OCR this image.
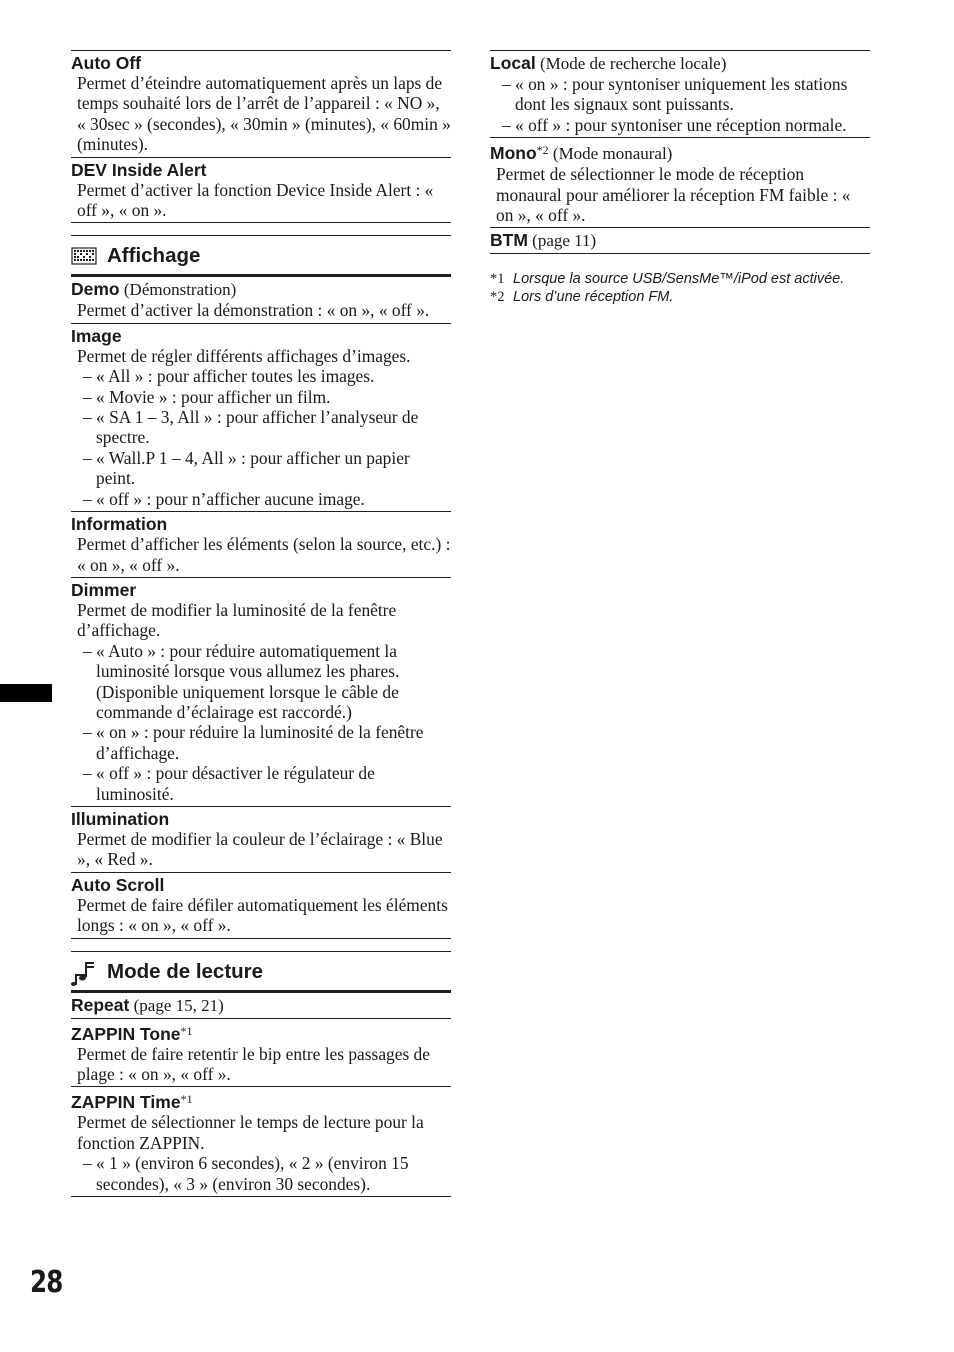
Auto Off
Permet d’éteindre automatiquement après un laps de temps souhaité lors de l’arrêt de l’appareil : « NO », « 30sec » (secondes), « 30min » (minutes), « 60min » (minutes).
DEV Inside Alert
Permet d’activer la fonction Device Inside Alert : « off », « on ».
Affichage
Demo (Démonstration)
Permet d’activer la démonstration : « on », « off ».
Image
Permet de régler différents affichages d’images.
– « All » : pour afficher toutes les images.
– « Movie » : pour afficher un film.
– « SA 1 – 3, All » : pour afficher l’analyseur de spectre.
– « Wall.P 1 – 4, All » : pour afficher un papier peint.
– « off » : pour n’afficher aucune image.
Information
Permet d’afficher les éléments (selon la source, etc.) : « on », « off ».
Dimmer
Permet de modifier la luminosité de la fenêtre d’affichage.
– « Auto » : pour réduire automatiquement la luminosité lorsque vous allumez les phares. (Disponible uniquement lorsque le câble de commande d’éclairage est raccordé.)
– « on » : pour réduire la luminosité de la fenêtre d’affichage.
– « off » : pour désactiver le régulateur de luminosité.
Illumination
Permet de modifier la couleur de l’éclairage : « Blue », « Red ».
Auto Scroll
Permet de faire défiler automatiquement les éléments longs : « on », « off ».
Mode de lecture
Repeat (page 15, 21)
ZAPPIN Tone$^{*1}$
Permet de faire retentir le bip entre les passages de plage : « on », « off ».
ZAPPIN Time$^{*1}$
Permet de sélectionner le temps de lecture pour la fonction ZAPPIN.
– « 1 » (environ 6 secondes), « 2 » (environ 15 secondes), « 3 » (environ 30 secondes).
Local (Mode de recherche locale)
– « on » : pour syntoniser uniquement les stations dont les signaux sont puissants.
– « off » : pour syntoniser une réception normale.
Mono$^{*2}$ (Mode monaural)
Permet de sélectionner le mode de réception monaural pour améliorer la réception FM faible : « on », « off ».
BTM (page 11)
*1 Lorsque la source USB/SensMe™/iPod est activée.
*2 Lors d’une réception FM.
28
